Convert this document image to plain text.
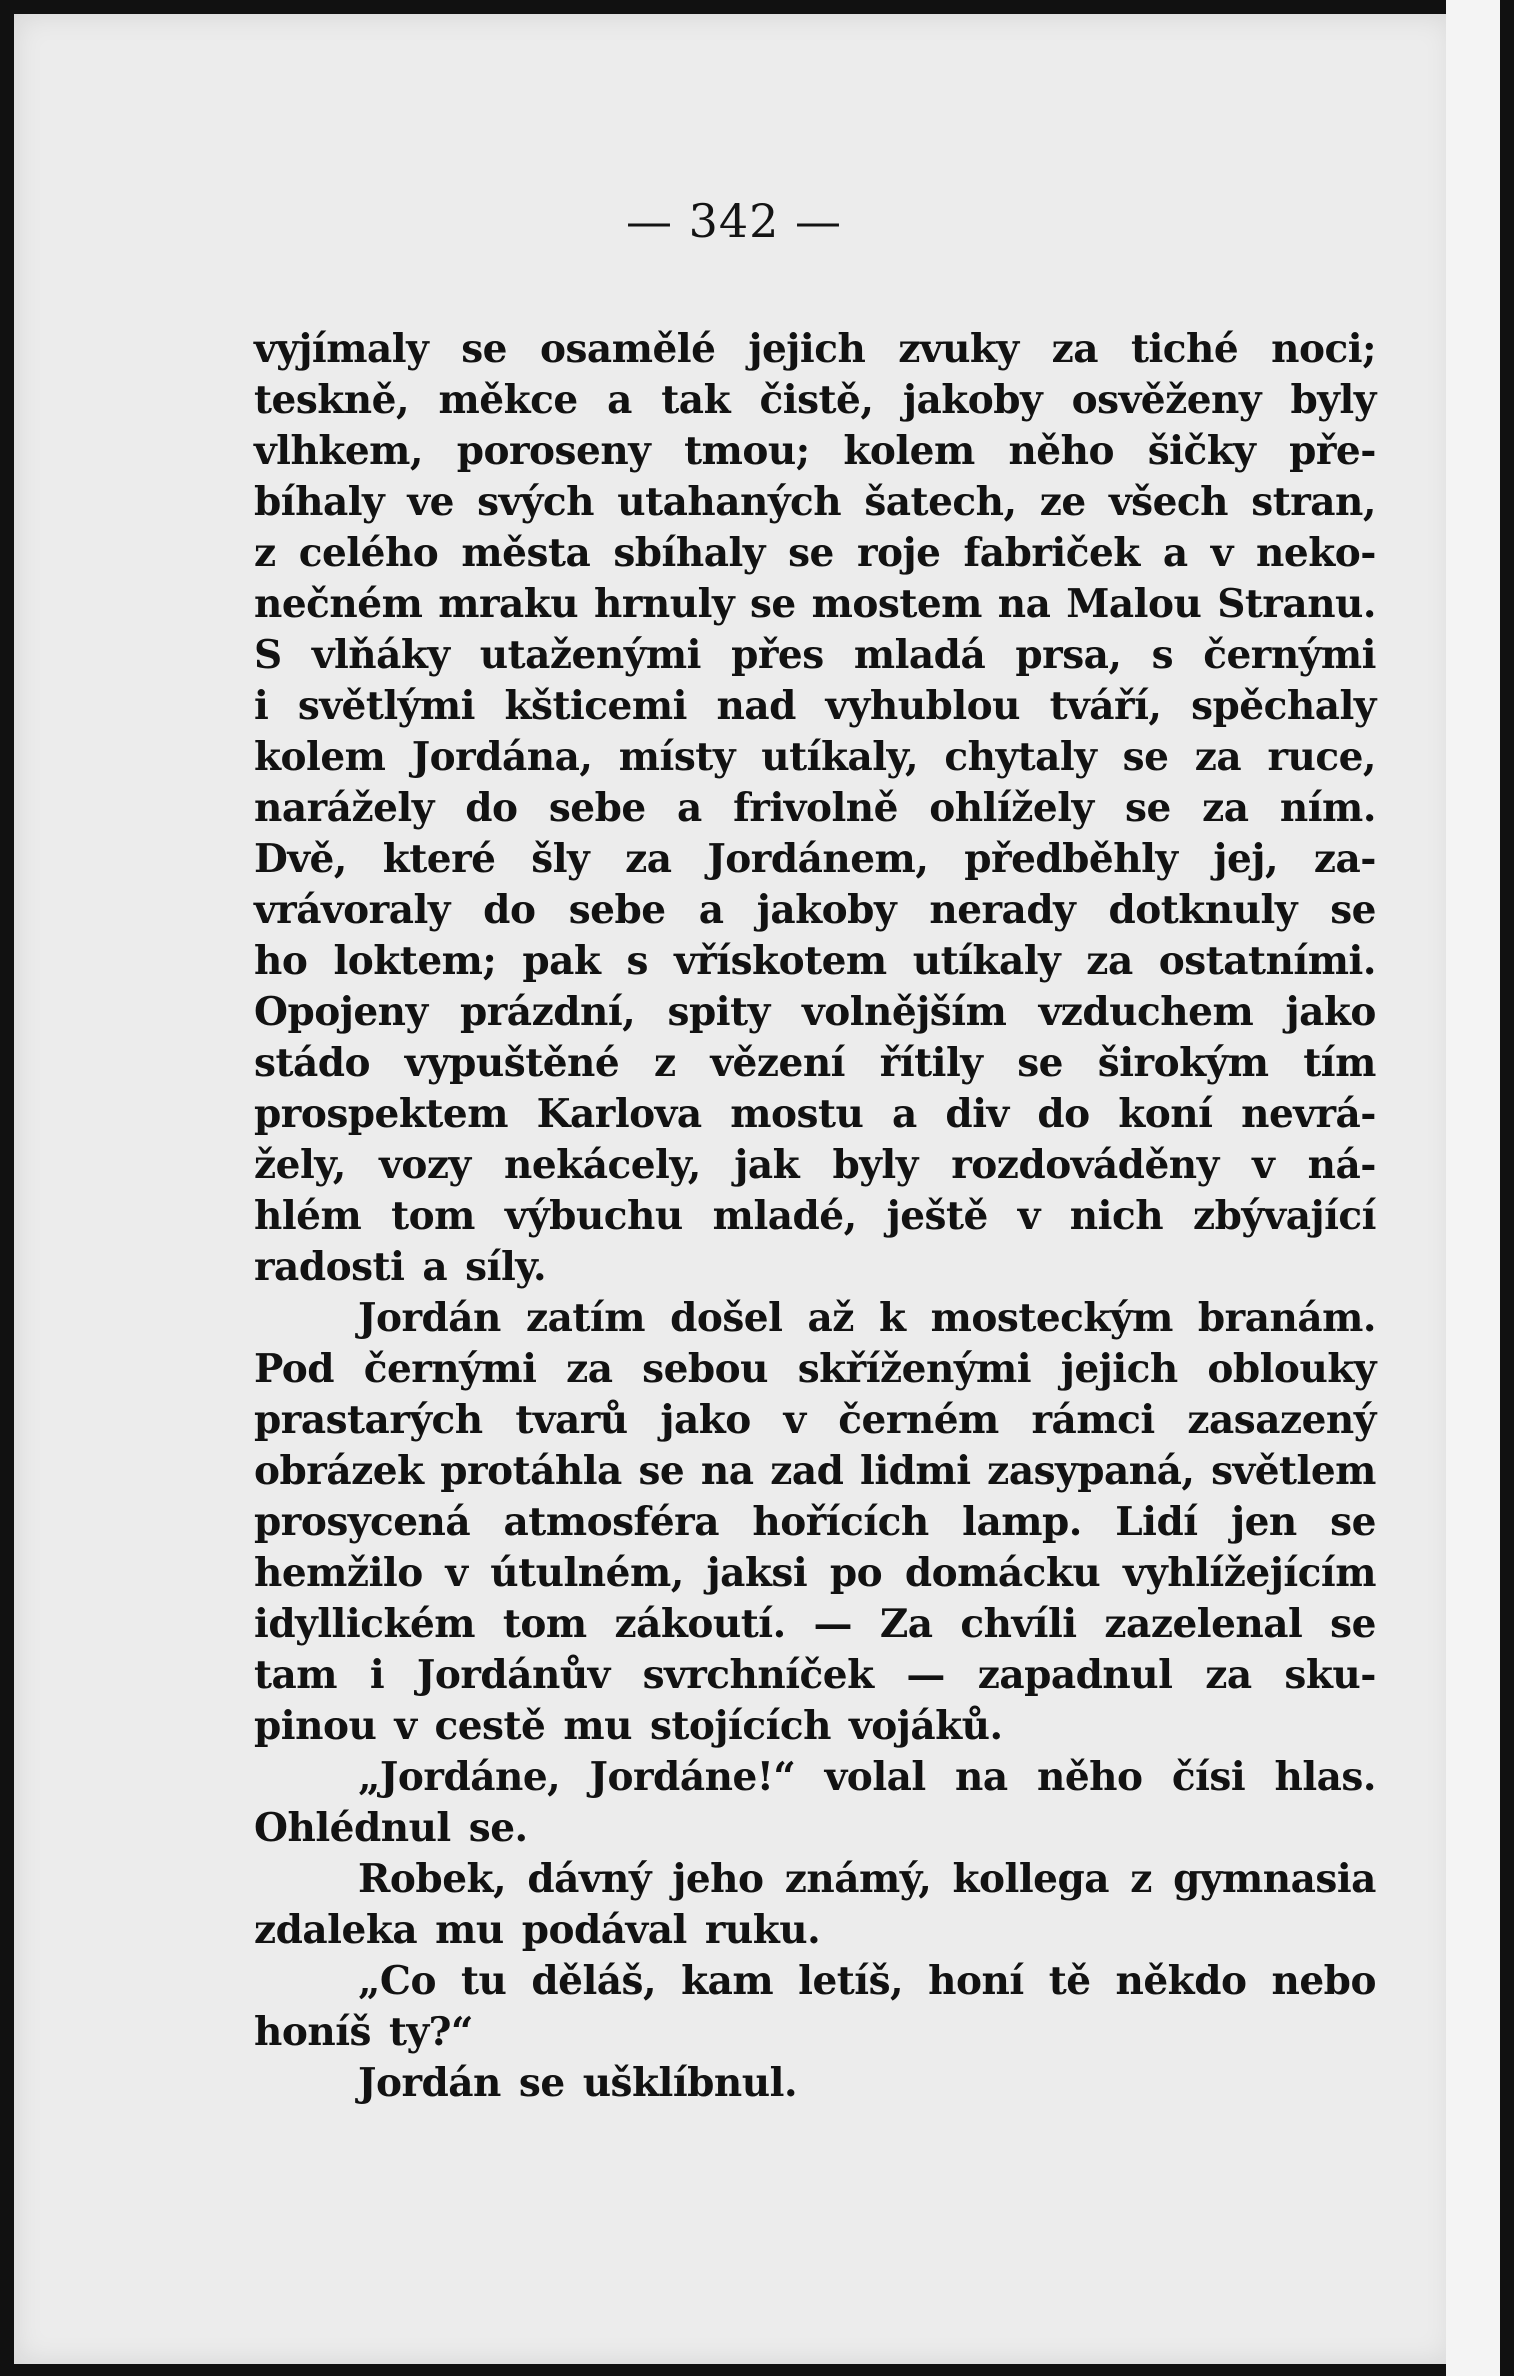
— 342 —
vyjímaly se osamělé jejich zvuky za tiché noci;
teskně, měkce a tak čistě, jakoby osvěženy byly
vlhkem, poroseny tmou; kolem něho šičky pře-
bíhaly ve svých utahaných šatech, ze všech stran,
z celého města sbíhaly se roje fabriček a v neko-
nečném mraku hrnuly se mostem na Malou Stranu.
S vlňáky utaženými přes mladá prsa, s černými
i světlými kšticemi nad vyhublou tváří, spěchaly
kolem Jordána, místy utíkaly, chytaly se za ruce,
narážely do sebe a frivolně ohlížely se za ním.
Dvě, které šly za Jordánem, předběhly jej, za-
vrávoraly do sebe a jakoby nerady dotknuly se
ho loktem; pak s vřískotem utíkaly za ostatními.
Opojeny prázdní, spity volnějším vzduchem jako
stádo vypuštěné z vězení řítily se širokým tím
prospektem Karlova mostu a div do koní nevrá-
žely, vozy nekácely, jak byly rozdováděny v ná-
hlém tom výbuchu mladé, ještě v nich zbývající
radosti a síly.
Jordán zatím došel až k mosteckým branám.
Pod černými za sebou skříženými jejich oblouky
prastarých tvarů jako v černém rámci zasazený
obrázek protáhla se na zad lidmi zasypaná, světlem
prosycená atmosféra hořících lamp. Lidí jen se
hemžilo v útulném, jaksi po domácku vyhlížejícím
idyllickém tom zákoutí. — Za chvíli zazelenal se
tam i Jordánův svrchníček — zapadnul za sku-
pinou v cestě mu stojících vojáků.
„Jordáne, Jordáne!“ volal na něho čísi hlas.
Ohlédnul se.
Robek, dávný jeho známý, kollega z gymnasia
zdaleka mu podával ruku.
„Co tu děláš, kam letíš, honí tě někdo nebo
honíš ty?“
Jordán se ušklíbnul.
